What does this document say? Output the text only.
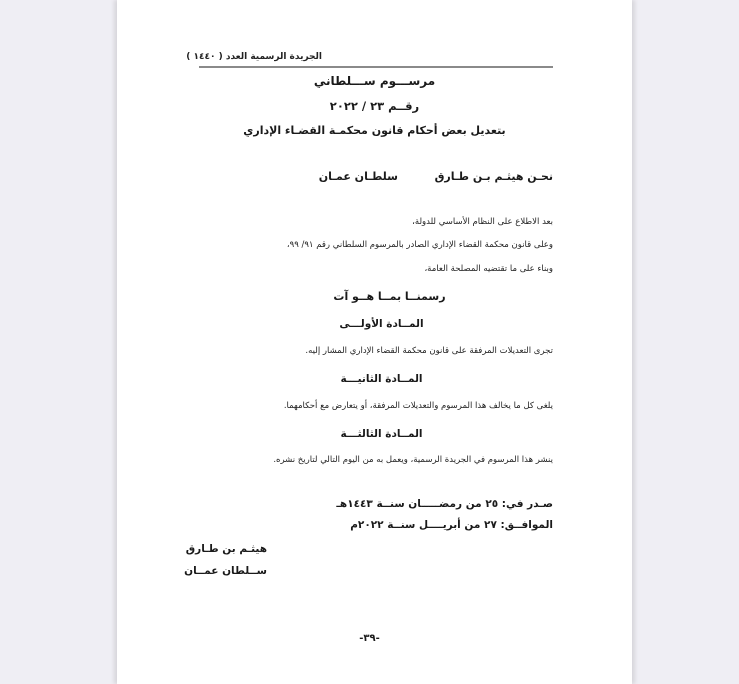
الجريدة الرسمية العدد ( ١٤٤٠ )
مرســـوم ســـلطاني
رقــم ٢٣ / ٢٠٢٢
بتعديل بعض أحكام قانون محكمـة القضـاء الإداري
نحـن هيثـم بـن طـارق
سلطـان عمـان
بعد الاطلاع على النظام الأساسي للدولة،
وعلى قانون محكمة القضاء الإداري الصادر بالمرسوم السلطاني رقم ٩١/ ٩٩،
وبناء على ما تقتضيه المصلحة العامة،
رسمنــا بمــا هــو آت
المــادة الأولـــى
تجرى التعديلات المرفقة على قانون محكمة القضاء الإداري المشار إليه.
المــادة الثانيـــة
يلغى كل ما يخالف هذا المرسوم والتعديلات المرفقة، أو يتعارض مع أحكامهما.
المــادة الثالثـــة
ينشر هذا المرسوم في الجريدة الرسمية، ويعمل به من اليوم التالي لتاريخ نشره.
صـدر في: ٢٥ من رمضـــــان سنــة ١٤٤٣هـ
الموافــق: ٢٧ من أبريــــل سنــة ٢٠٢٢م
هيثـم بن طـارق
ســلطان عمــان
-٣٩-
